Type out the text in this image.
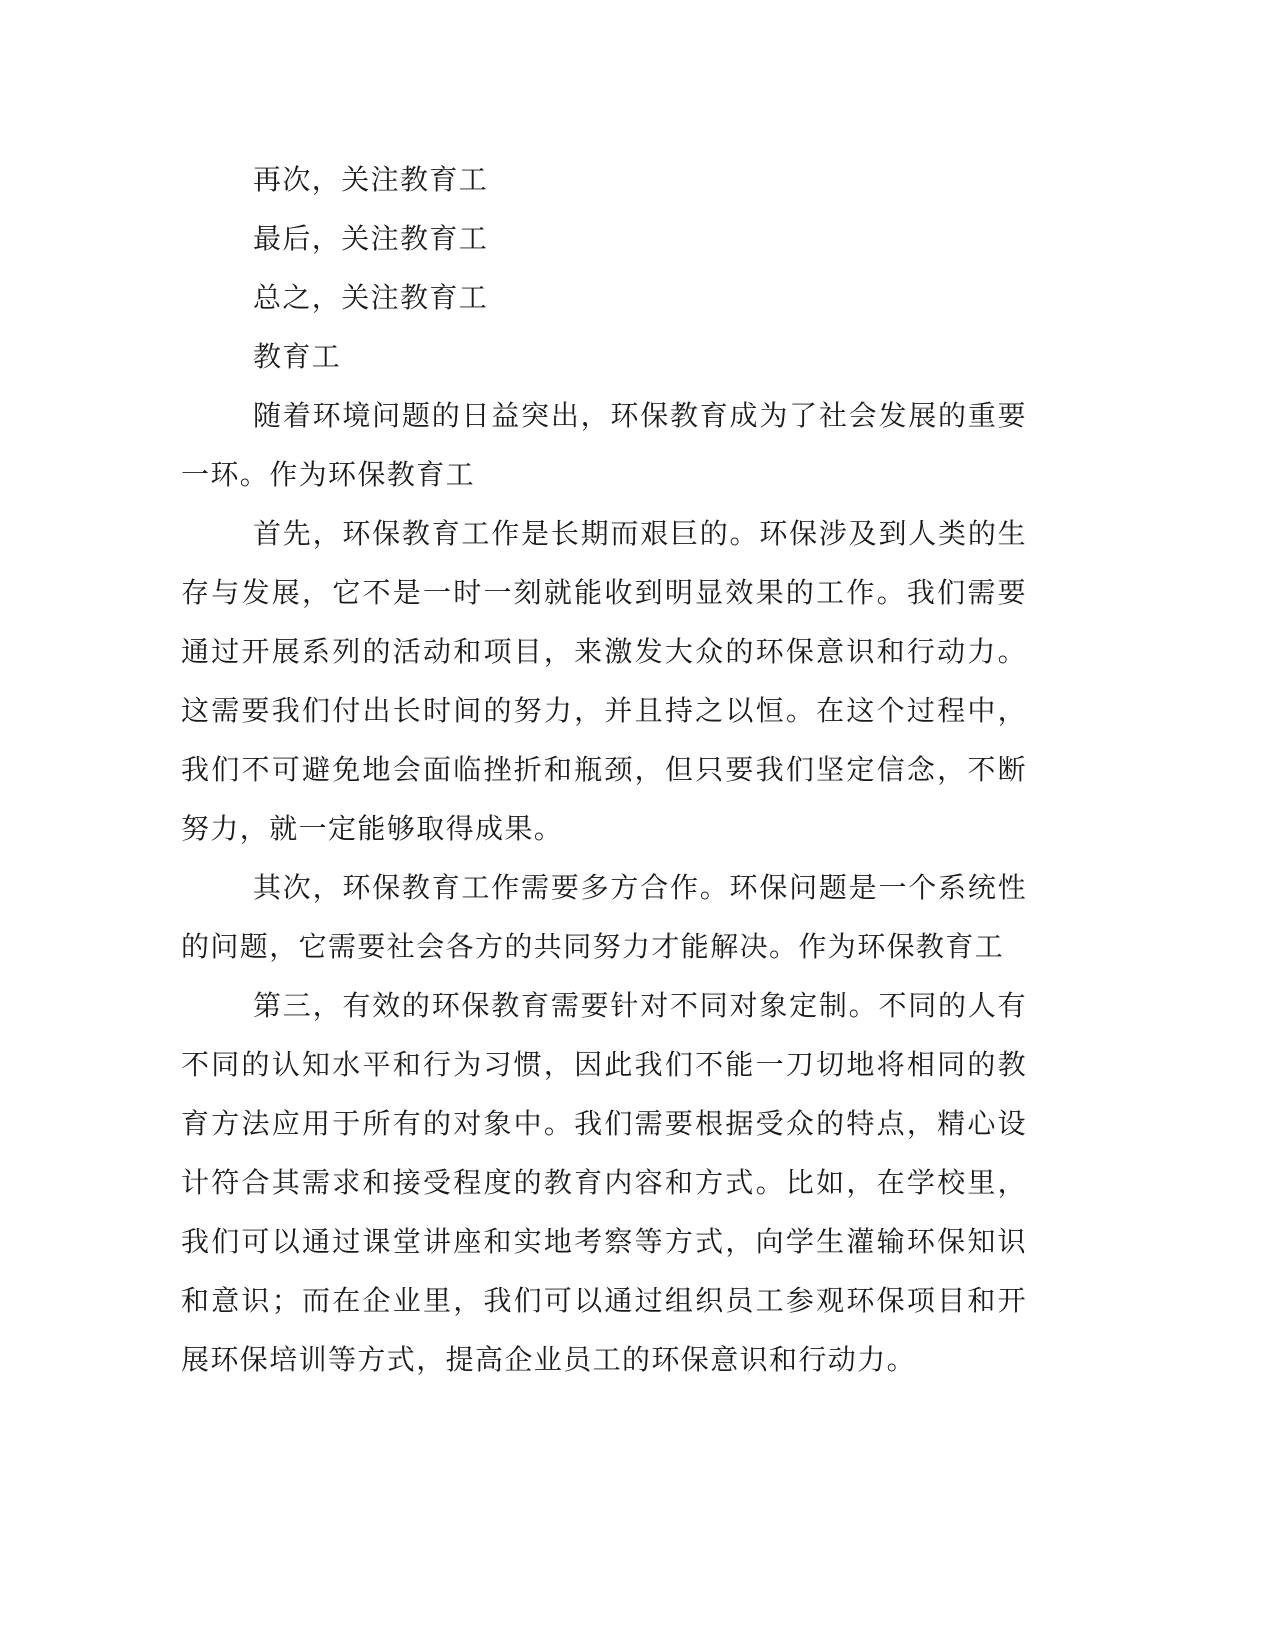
再次，关注教育工
最后，关注教育工
总之，关注教育工
教育工

随着环境问题的日益突出，环保教育成为了社会发展的重要一环。作为环保教育工

首先，环保教育工作是长期而艰巨的。环保涉及到人类的生存与发展，它不是一时一刻就能收到明显效果的工作。我们需要通过开展系列的活动和项目，来激发大众的环保意识和行动力。这需要我们付出长时间的努力，并且持之以恒。在这个过程中，我们不可避免地会面临挫折和瓶颈，但只要我们坚定信念，不断努力，就一定能够取得成果。

其次，环保教育工作需要多方合作。环保问题是一个系统性的问题，它需要社会各方的共同努力才能解决。作为环保教育工

第三，有效的环保教育需要针对不同对象定制。不同的人有不同的认知水平和行为习惯，因此我们不能一刀切地将相同的教育方法应用于所有的对象中。我们需要根据受众的特点，精心设计符合其需求和接受程度的教育内容和方式。比如，在学校里，我们可以通过课堂讲座和实地考察等方式，向学生灌输环保知识和意识；而在企业里，我们可以通过组织员工参观环保项目和开展环保培训等方式，提高企业员工的环保意识和行动力。
